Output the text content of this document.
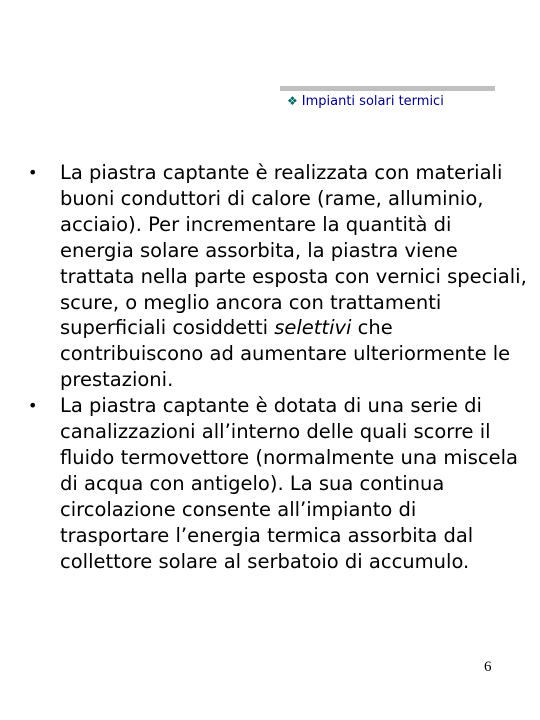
❖ Impianti solari termici
• La piastra captante è realizzata con materiali buoni conduttori di calore (rame, alluminio, acciaio). Per incrementare la quantità di energia solare assorbita, la piastra viene trattata nella parte esposta con vernici speciali, scure, o meglio ancora con trattamenti superficiali cosiddetti selettivi che contribuiscono ad aumentare ulteriormente le prestazioni.
• La piastra captante è dotata di una serie di canalizzazioni all’interno delle quali scorre il fluido termovettore (normalmente una miscela di acqua con antigelo). La sua continua circolazione consente all’impianto di trasportare l’energia termica assorbita dal collettore solare al serbatoio di accumulo.
6
